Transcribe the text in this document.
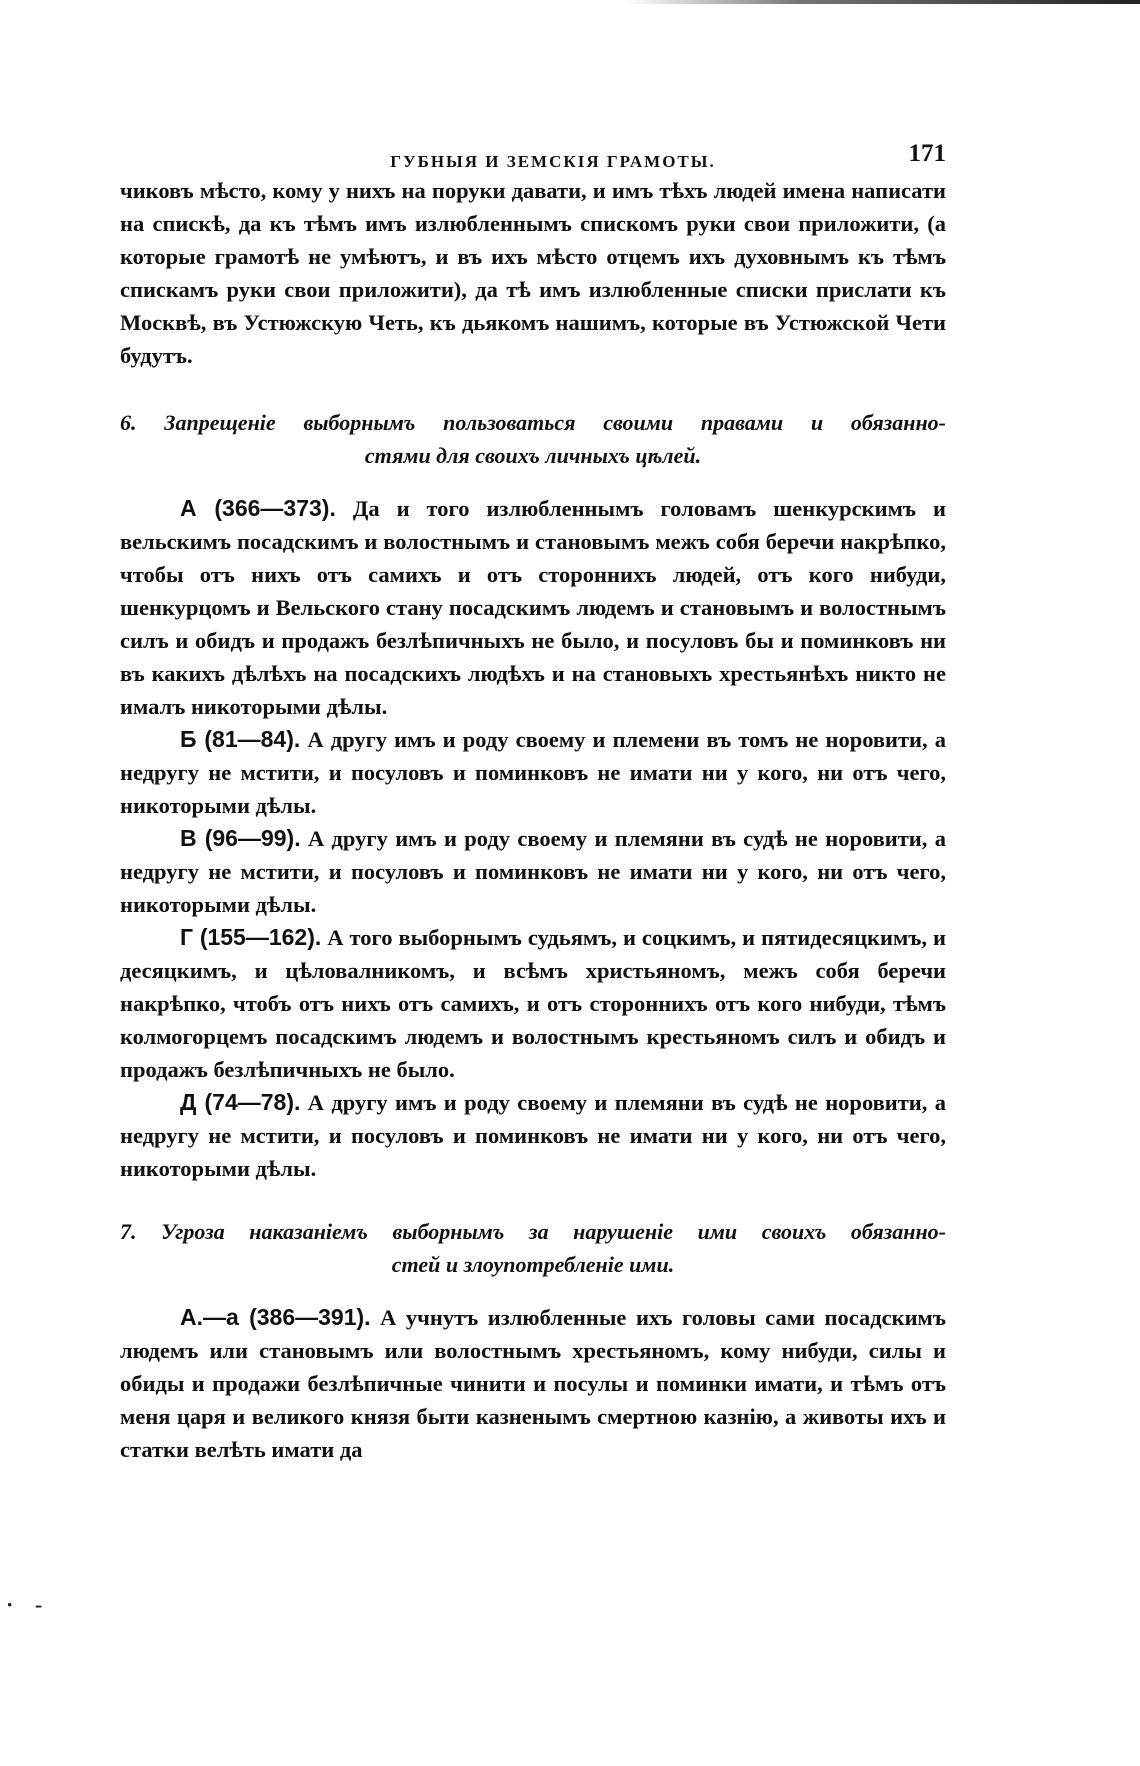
ГУБНЫЯ И ЗЕМСКІЯ ГРАМОТЫ.	171

чиковъ мѣсто, кому у нихъ на поруки давати, и имъ тѣхъ людей имена написати на спискѣ, да къ тѣмъ имъ излюбленнымъ спискомъ руки свои приложити, (а которые грамотѣ не умѣютъ, и въ ихъ мѣсто отцемъ ихъ духовнымъ къ тѣмъ спискамъ руки свои приложити), да тѣ имъ излюбленные списки прислати къ Москвѣ, въ Устюжскую Четь, къ дьякомъ нашимъ, которые въ Устюжской Чети будутъ.

6. Запрещеніе выборнымъ пользоваться своими правами и обязанно-
стями для своихъ личныхъ цѣлей.

А (366—373). Да и того излюбленнымъ головамъ шенкурскимъ и вельскимъ посадскимъ и волостнымъ и становымъ межъ собя беречи накрѣпко, чтобы отъ нихъ отъ самихъ и отъ стороннихъ людей, отъ кого нибуди, шенкурцомъ и Вельского стану посадскимъ людемъ и становымъ и волостнымъ силъ и обидъ и продажъ безлѣпичныхъ не было, и посуловъ бы и поминковъ ни въ какихъ дѣлѣхъ на посадскихъ людѣхъ и на становыхъ хрестьянѣхъ никто не ималъ никоторыми дѣлы.

Б (81—84). А другу имъ и роду своему и племени въ томъ не норовити, а недругу не мстити, и посуловъ и поминковъ не имати ни у кого, ни отъ чего, никоторыми дѣлы.

В (96—99). А другу имъ и роду своему и племяни въ судѣ не норовити, а недругу не мстити, и посуловъ и поминковъ не имати ни у кого, ни отъ чего, никоторыми дѣлы.

Г (155—162). А того выборнымъ судьямъ, и соцкимъ, и пятидесяцкимъ, и десяцкимъ, и цѣловалникомъ, и всѣмъ христьяномъ, межъ собя беречи накрѣпко, чтобъ отъ нихъ отъ самихъ, и отъ стороннихъ отъ кого нибуди, тѣмъ колмогорцемъ посадскимъ людемъ и волостнымъ крестьяномъ силъ и обидъ и продажъ безлѣпичныхъ не было.

Д (74—78). А другу имъ и роду своему и племяни въ судѣ не норовити, а недругу не мстити, и посуловъ и поминковъ не имати ни у кого, ни отъ чего, никоторыми дѣлы.

7. Угроза наказаніемъ выборнымъ за нарушеніе ими своихъ обязанно-
стей и злоупотребленіе ими.

А.—а (386—391). А учнутъ излюбленные ихъ головы сами посадскимъ людемъ или становымъ или волостнымъ хрестьяномъ, кому нибуди, силы и обиды и продажи безлѣпичные чинити и посулы и поминки имати, и тѣмъ отъ меня царя и великого князя быти казненымъ смертною казнію, а животы ихъ и статки велѣть имати да

· -
